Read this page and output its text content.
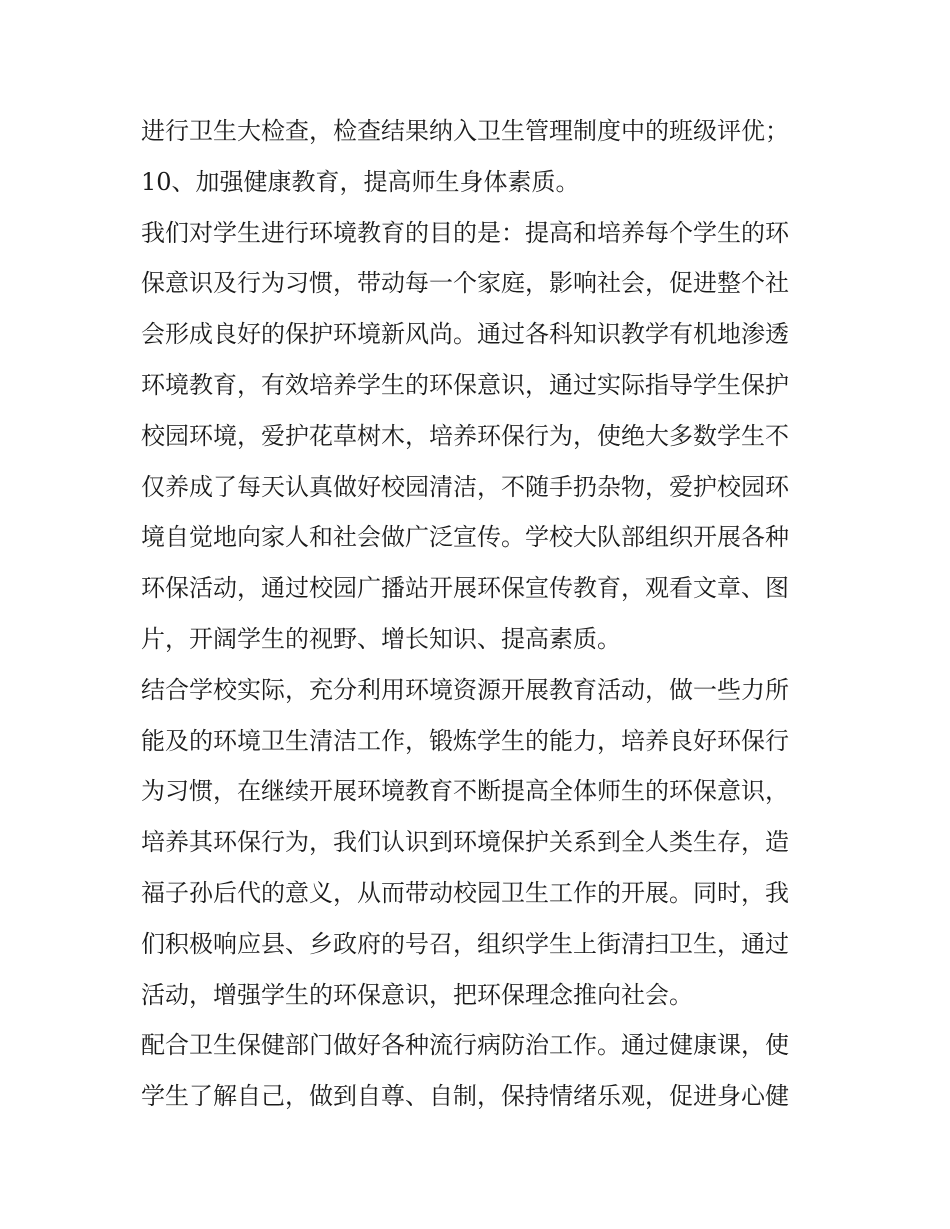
进行卫生大检查，检查结果纳入卫生管理制度中的班级评优；
10、加强健康教育，提高师生身体素质。
我们对学生进行环境教育的目的是：提高和培养每个学生的环
保意识及行为习惯，带动每一个家庭，影响社会，促进整个社
会形成良好的保护环境新风尚。通过各科知识教学有机地渗透
环境教育，有效培养学生的环保意识，通过实际指导学生保护
校园环境，爱护花草树木，培养环保行为，使绝大多数学生不
仅养成了每天认真做好校园清洁，不随手扔杂物，爱护校园环
境自觉地向家人和社会做广泛宣传。学校大队部组织开展各种
环保活动，通过校园广播站开展环保宣传教育，观看文章、图
片，开阔学生的视野、增长知识、提高素质。
结合学校实际，充分利用环境资源开展教育活动，做一些力所
能及的环境卫生清洁工作，锻炼学生的能力，培养良好环保行
为习惯，在继续开展环境教育不断提高全体师生的环保意识，
培养其环保行为，我们认识到环境保护关系到全人类生存，造
福子孙后代的意义，从而带动校园卫生工作的开展。同时，我
们积极响应县、乡政府的号召，组织学生上街清扫卫生，通过
活动，增强学生的环保意识，把环保理念推向社会。
配合卫生保健部门做好各种流行病防治工作。通过健康课，使
学生了解自己，做到自尊、自制，保持情绪乐观，促进身心健
